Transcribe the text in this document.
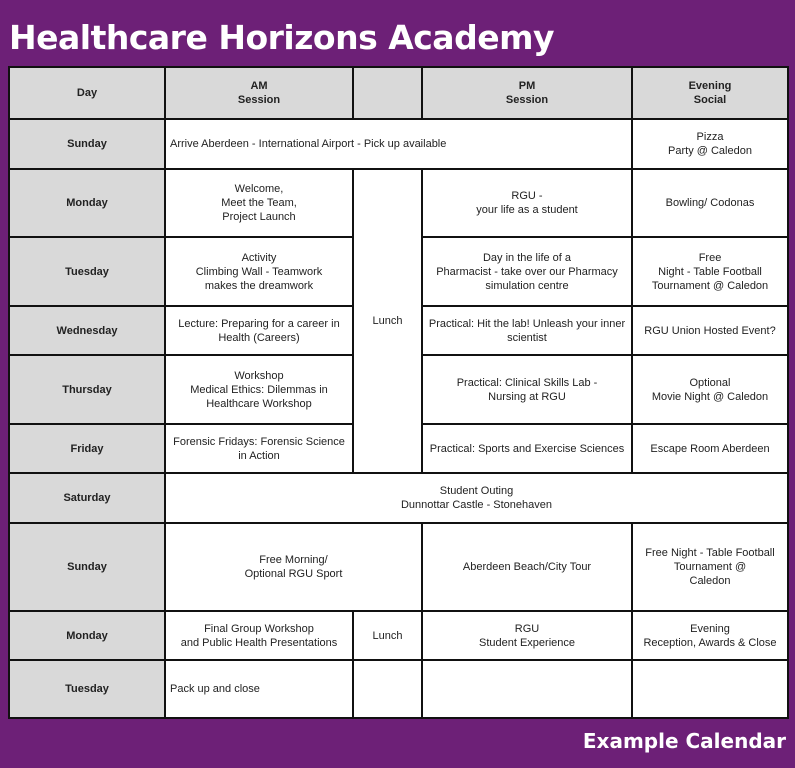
Healthcare Horizons Academy
Day	AM
Session		PM
Session	Evening
Social
Sunday	Arrive Aberdeen - International Airport - Pick up available			Pizza
Party @ Caledon
Monday	Welcome,
Meet the Team,
Project Launch	Lunch	RGU -
your life as a student	Bowling/ Codonas
Tuesday	Activity
Climbing Wall - Teamwork
makes the dreamwork		Day in the life of a
Pharmacist - take over our Pharmacy
simulation centre	Free
Night - Table Football
Tournament @ Caledon
Wednesday	Lecture: Preparing for a career in
Health (Careers)		Practical: Hit the lab! Unleash your inner
scientist	RGU Union Hosted Event?
Thursday	Workshop
Medical Ethics: Dilemmas in
Healthcare Workshop		Practical: Clinical Skills Lab -
Nursing at RGU	Optional
Movie Night @ Caledon
Friday	Forensic Fridays: Forensic Science
in Action		Practical: Sports and Exercise Sciences	Escape Room Aberdeen
Saturday	Student Outing
Dunnottar Castle - Stonehaven			
Sunday	Free Morning/
Optional RGU Sport		Aberdeen Beach/City Tour	Free Night - Table Football
Tournament @
Caledon
Monday	Final Group Workshop
and Public Health Presentations	Lunch	RGU
Student Experience	Evening
Reception, Awards & Close
Tuesday	Pack up and close			
Example Calendar
